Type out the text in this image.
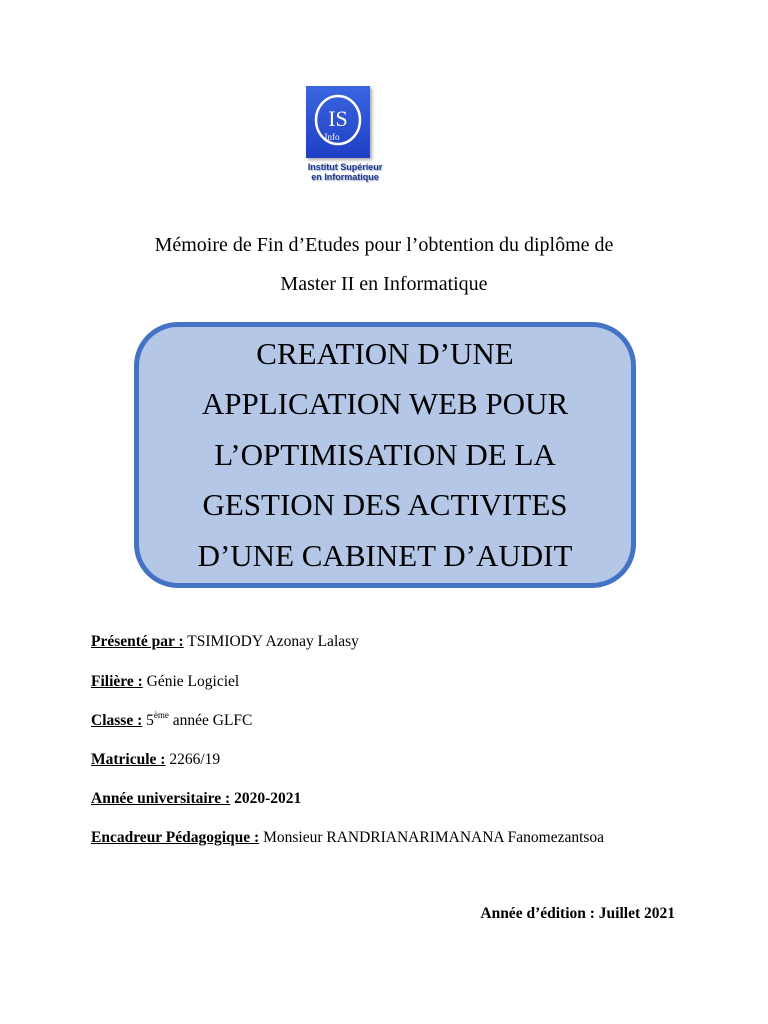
IS
Info
Institut Supérieur
en Informatique
Mémoire de Fin d’Etudes pour l’obtention du diplôme de
Master II en Informatique
CREATION D’UNE
APPLICATION WEB POUR
L’OPTIMISATION DE LA
GESTION DES ACTIVITES
D’UNE CABINET D’AUDIT
Présenté par : TSIMIODY Azonay Lalasy
Filière : Génie Logiciel
Classe : 5ème année GLFC
Matricule : 2266/19
Année universitaire : 2020-2021
Encadreur Pédagogique : Monsieur RANDRIANARIMANANA Fanomezantsoa
Année d’édition : Juillet 2021
